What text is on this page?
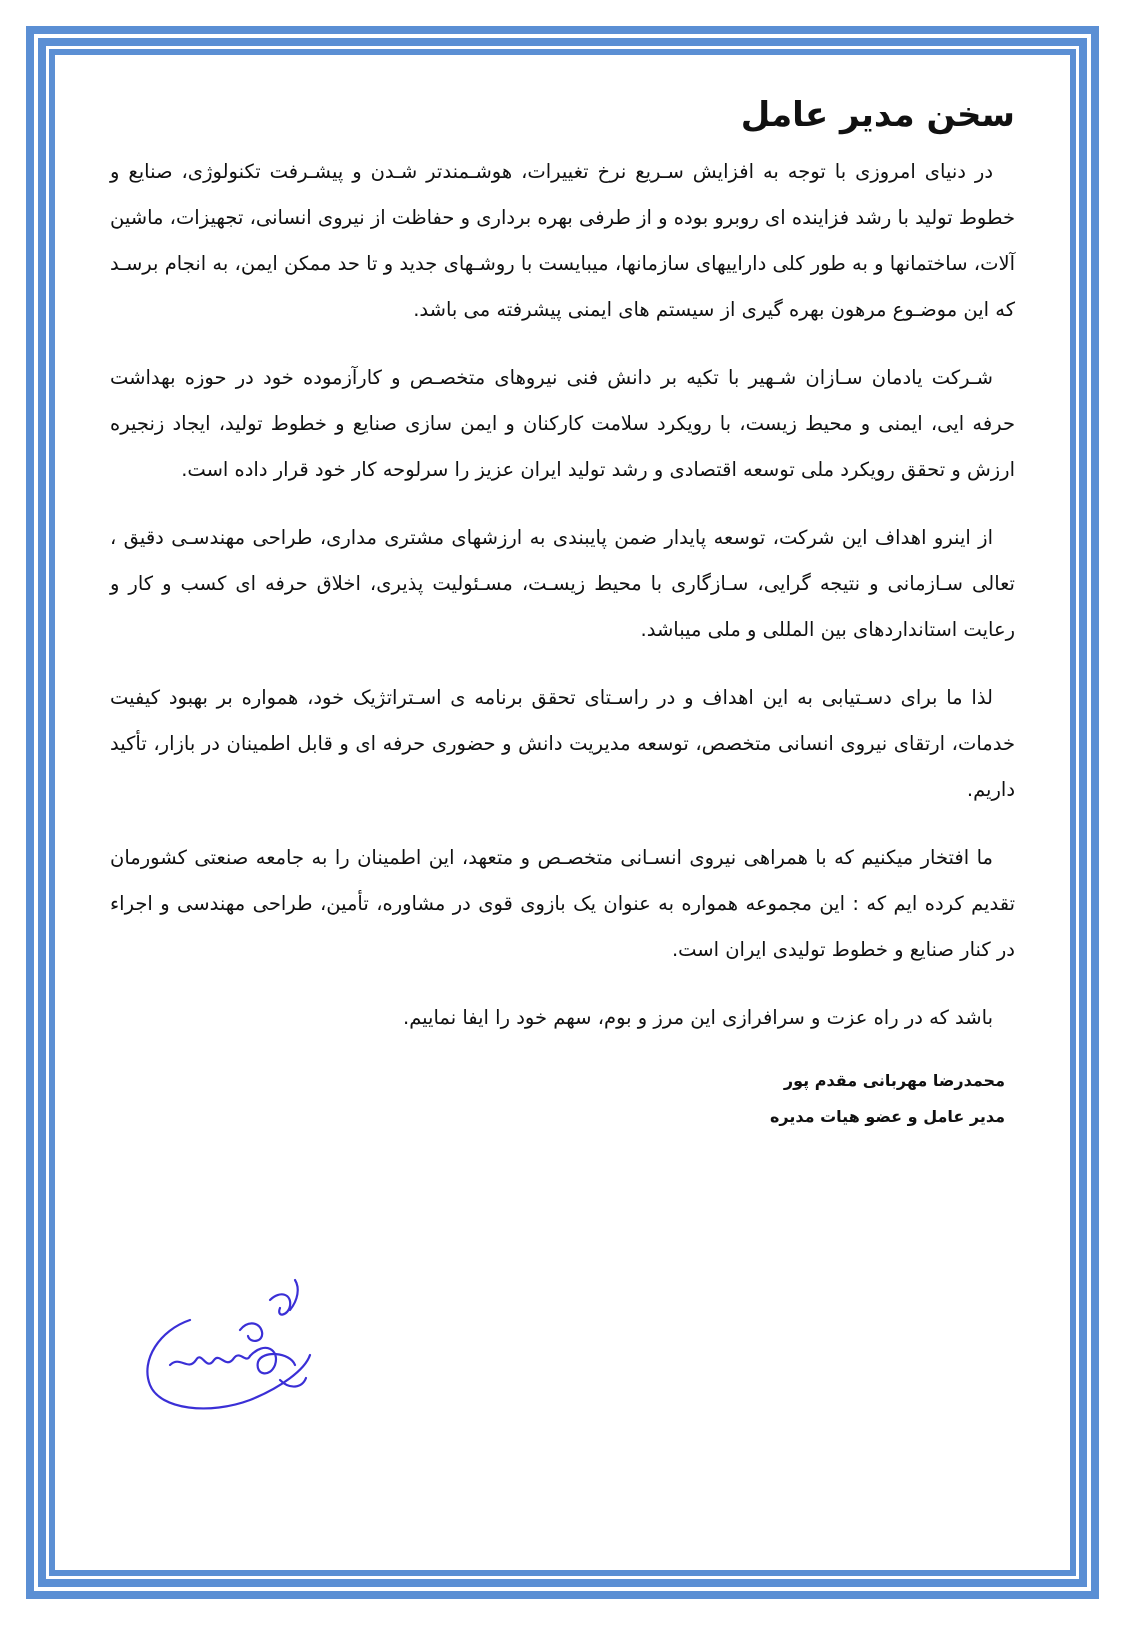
سخن مدیر عامل

در دنیای امروزی با توجه به افزایش سـریع نرخ تغییرات، هوشـمندتر شـدن و پیشـرفت تکنولوژی، صنایع و خطوط تولید با رشد فزاینده ای روبرو بوده و از طرفی بهره برداری و حفاظت از نیروی انسانی، تجهیزات، ماشین آلات، ساختمانها و به طور کلی داراییهای سازمانها، میبایست با روشـهای جدید و تا حد ممکن ایمن، به انجام برسـد که این موضـوع مرهون بهره گیری از سیستم های ایمنی پیشرفته می باشد.

شـرکت یادمان سـازان شـهیر با تکیه بر دانش فنی نیروهای متخصـص و کارآزموده خود در حوزه بهداشت حرفه ایی، ایمنی و محیط زیست، با رویکرد سلامت کارکنان و ایمن سازی صنایع و خطوط تولید، ایجاد زنجیره ارزش و تحقق رویکرد ملی توسعه اقتصادی و رشد تولید ایران عزیز را سرلوحه کار خود قرار داده است.

از اینرو اهداف این شرکت، توسعه پایدار ضمن پایبندی به ارزشهای مشتری مداری، طراحی مهندسـی دقیق ، تعالی سـازمانی و نتیجه گرایی، سـازگاری با محیط زیسـت، مسـئولیت پذیری، اخلاق حرفه ای کسب و کار و رعایت استانداردهای بین المللی و ملی میباشد.

لذا ما برای دسـتیابی به این اهداف و در راسـتای تحقق برنامه ی اسـتراتژیک خود، همواره بر بهبود کیفیت خدمات، ارتقای نیروی انسانی متخصص، توسعه مدیریت دانش و حضوری حرفه ای و قابل اطمینان در بازار، تأکید داریم.

ما افتخار میکنیم که با همراهی نیروی انسـانی متخصـص و متعهد، این اطمینان را به جامعه صنعتی کشورمان تقدیم کرده ایم که : این مجموعه همواره به عنوان یک بازوی قوی در مشاوره، تأمین، طراحی مهندسی و اجراء در کنار صنایع و خطوط تولیدی ایران است.

باشد که در راه عزت و سرافرازی این مرز و بوم، سهم خود را ایفا نماییم.

محمدرضا مهربانی مقدم پور

مدیر عامل و عضو هیات مدیره
